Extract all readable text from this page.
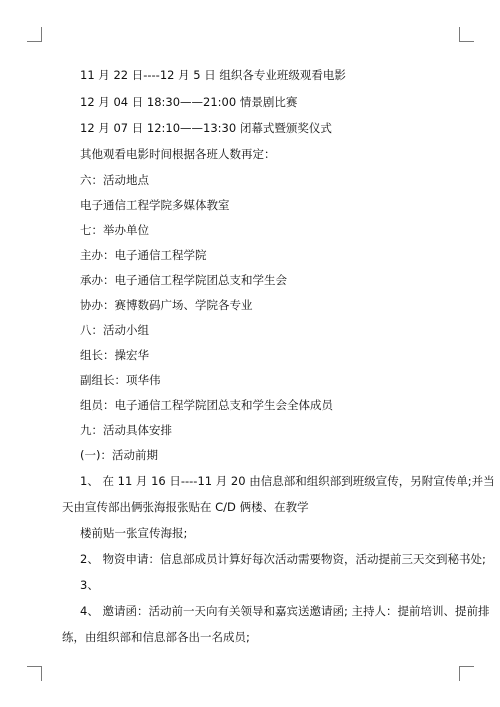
11 月 22 日----12 月 5 日 组织各专业班级观看电影
12 月 04 日 18:30——21:00 情景剧比赛
12 月 07 日 12:10——13:30 闭幕式暨颁奖仪式
其他观看电影时间根据各班人数再定：
六：活动地点
电子通信工程学院多媒体教室
七：举办单位
主办：电子通信工程学院
承办：电子通信工程学院团总支和学生会
协办：赛博数码广场、学院各专业
八：活动小组
组长：操宏华
副组长：项华伟
组员：电子通信工程学院团总支和学生会全体成员
九：活动具体安排
(一)：活动前期
1、 在 11 月 16 日----11 月 20 由信息部和组织部到班级宣传，另附宣传单;并当
天由宣传部出俩张海报张贴在 C/D 俩楼、在教学
楼前贴一张宣传海报;
2、 物资申请：信息部成员计算好每次活动需要物资，活动提前三天交到秘书处;
3、
4、 邀请函：活动前一天向有关领导和嘉宾送邀请函; 主持人：提前培训、提前排
练，由组织部和信息部各出一名成员;
